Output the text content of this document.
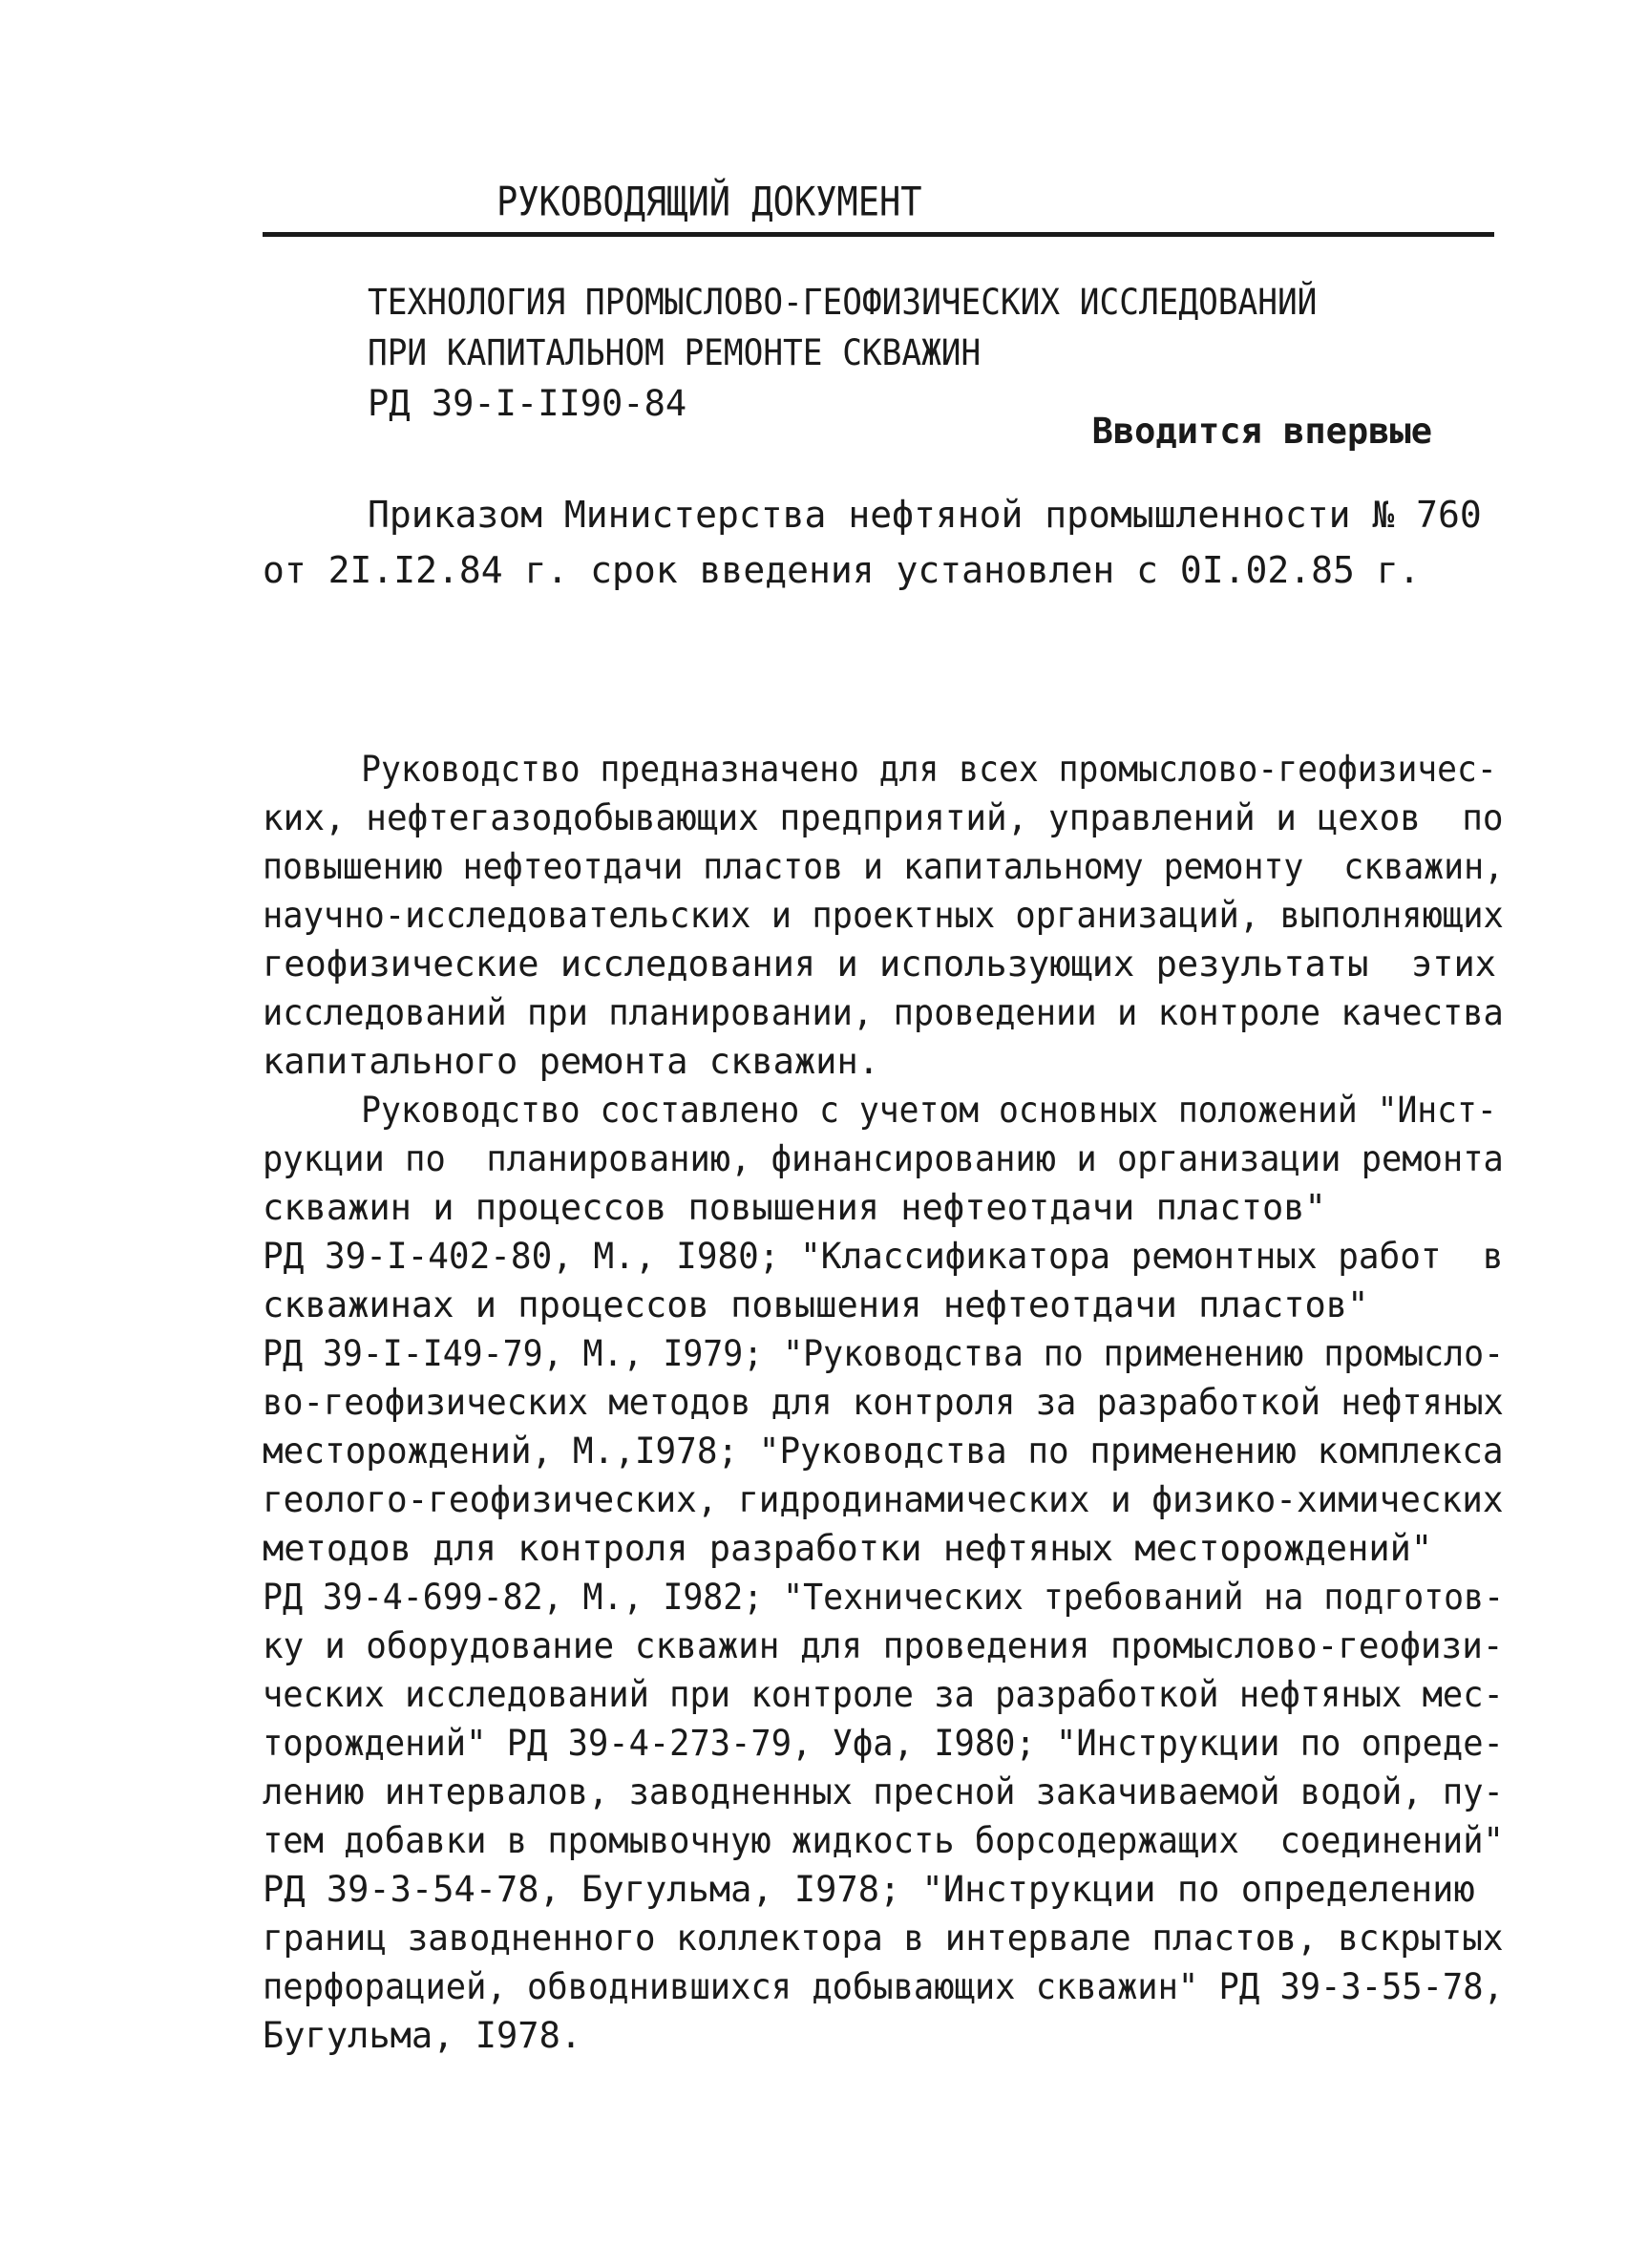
РУКОВОДЯЩИЙ ДОКУМЕНТ
ТЕХНОЛОГИЯ ПРОМЫСЛОВО-ГЕОФИЗИЧЕСКИХ ИССЛЕДОВАНИЙ
ПРИ КАПИТАЛЬНОМ РЕМОНТЕ СКВАЖИН
РД 39-I-II90-84
Вводится впервые
Приказом Министерства нефтяной промышленности № 760
от 2I.I2.84 г. срок введения установлен с 0I.02.85 г.
Руководство предназначено для всех промыслово-геофизичес-
ких, нефтегазодобывающих предприятий, управлений и цехов  по
повышению нефтеотдачи пластов и капитальному ремонту  скважин,
научно-исследовательских и проектных организаций, выполняющих
геофизические исследования и использующих результаты  этих
исследований при планировании, проведении и контроле качества
капитального ремонта скважин.
Руководство составлено с учетом основных положений "Инст-
рукции по  планированию, финансированию и организации ремонта
скважин и процессов повышения нефтеотдачи пластов"
РД 39-I-402-80, М., I980; "Классификатора ремонтных работ  в
скважинах и процессов повышения нефтеотдачи пластов"
РД 39-I-I49-79, М., I979; "Руководства по применению промысло-
во-геофизических методов для контроля за разработкой нефтяных
месторождений, М.,I978; "Руководства по применению комплекса
геолого-геофизических, гидродинамических и физико-химических
методов для контроля разработки нефтяных месторождений"
РД 39-4-699-82, М., I982; "Технических требований на подготов-
ку и оборудование скважин для проведения промыслово-геофизи-
ческих исследований при контроле за разработкой нефтяных мес-
торождений" РД 39-4-273-79, Уфа, I980; "Инструкции по опреде-
лению интервалов, заводненных пресной закачиваемой водой, пу-
тем добавки в промывочную жидкость борсодержащих  соединений"
РД 39-3-54-78, Бугульма, I978; "Инструкции по определению
границ заводненного коллектора в интервале пластов, вскрытых
перфорацией, обводнившихся добывающих скважин" РД 39-3-55-78,
Бугульма, I978.
